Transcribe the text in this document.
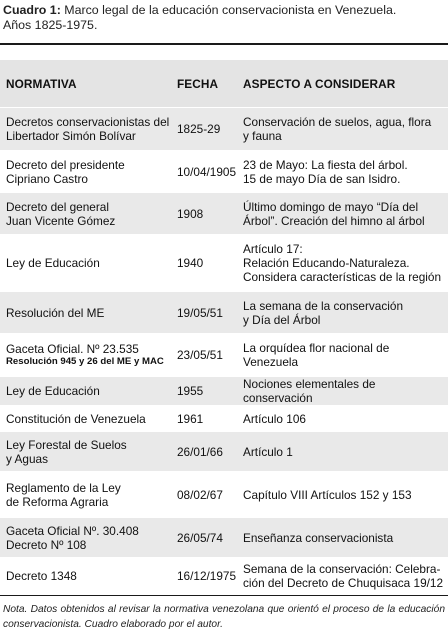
Cuadro 1: Marco legal de la educación conservacionista en Venezuela.
Años 1825-1975.
NORMATIVA	FECHA ASPECTO A CONSIDERAR
Decretos conservacionistas del
Libertador Simón Bolívar	1825-29	Conservación de suelos, agua, flora
y fauna
Decreto del presidente
Cipriano Castro	10/04/1905 23 de Mayo: La fiesta del árbol.
15 de mayo Día de san Isidro.
Decreto del general
Juan Vicente Gómez	1908	Último domingo de mayo “Día del
Árbol”. Creación del himno al árbol
Ley de Educación	1940
Artículo 17:
Relación Educando-Naturaleza.
Considera características de la región
Resolución del ME	19/05/51	La semana de la conservación
y Día del Árbol
Gaceta Oficial. Nº 23.535
Resolución 945 y 26 del ME y MAC	23/05/51	La orquídea flor nacional de Venezuela
Ley de Educación	1955	Nociones elementales de conservación
Constitución de Venezuela	1961	Artículo 106
Ley Forestal de Suelos
y Aguas	26/01/66	Artículo 1
Reglamento de la Ley
de Reforma Agraria	08/02/67	Capítulo VIII Artículos 152 y 153
Gaceta Oficial Nº. 30.408
Decreto Nº 108	26/05/74	Enseñanza conservacionista
Decreto 1348	16/12/1975 Semana de la conservación: Celebra-
ción del Decreto de Chuquisaca 19/12
Nota. Datos obtenidos al revisar la normativa venezolana que orientó el proceso de la educación conservacionista. Cuadro elaborado por el autor.
